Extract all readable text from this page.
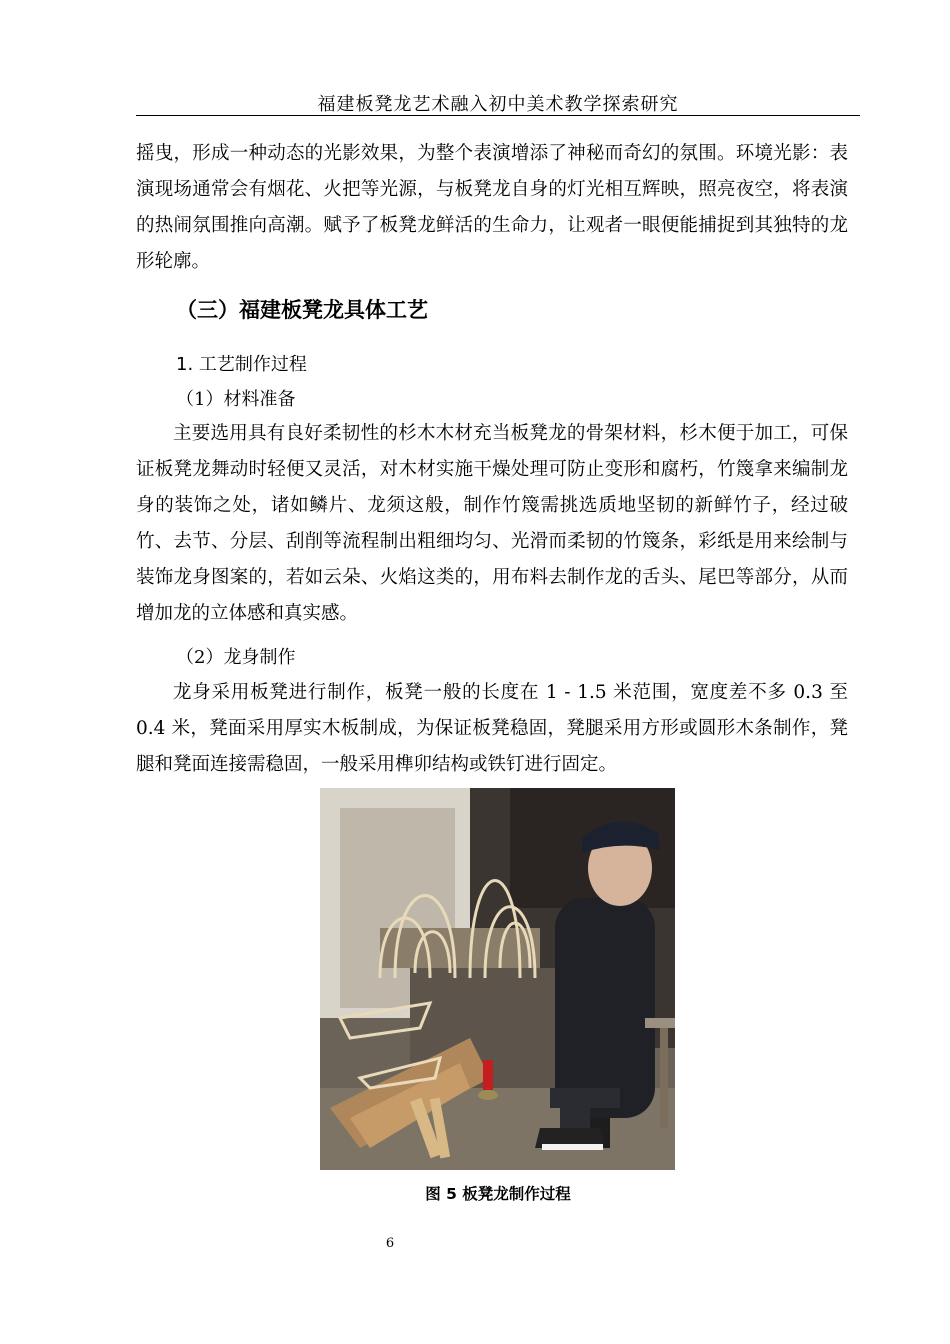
福建板凳龙艺术融入初中美术教学探索研究

摇曳，形成一种动态的光影效果，为整个表演增添了神秘而奇幻的氛围。环境光影：表演现场通常会有烟花、火把等光源，与板凳龙自身的灯光相互辉映，照亮夜空，将表演的热闹氛围推向高潮。赋予了板凳龙鲜活的生命力，让观者一眼便能捕捉到其独特的龙形轮廓。

（三）福建板凳龙具体工艺
1. 工艺制作过程
（1）材料准备

主要选用具有良好柔韧性的杉木木材充当板凳龙的骨架材料，杉木便于加工，可保证板凳龙舞动时轻便又灵活，对木材实施干燥处理可防止变形和腐朽，竹篾拿来编制龙身的装饰之处，诸如鳞片、龙须这般，制作竹篾需挑选质地坚韧的新鲜竹子，经过破竹、去节、分层、刮削等流程制出粗细均匀、光滑而柔韧的竹篾条，彩纸是用来绘制与装饰龙身图案的，若如云朵、火焰这类的，用布料去制作龙的舌头、尾巴等部分，从而增加龙的立体感和真实感。

（2）龙身制作

龙身采用板凳进行制作，板凳一般的长度在 1 - 1.5 米范围，宽度差不多 0.3 至 0.4 米，凳面采用厚实木板制成，为保证板凳稳固，凳腿采用方形或圆形木条制作，凳腿和凳面连接需稳固，一般采用榫卯结构或铁钉进行固定。

图 5 板凳龙制作过程
6
